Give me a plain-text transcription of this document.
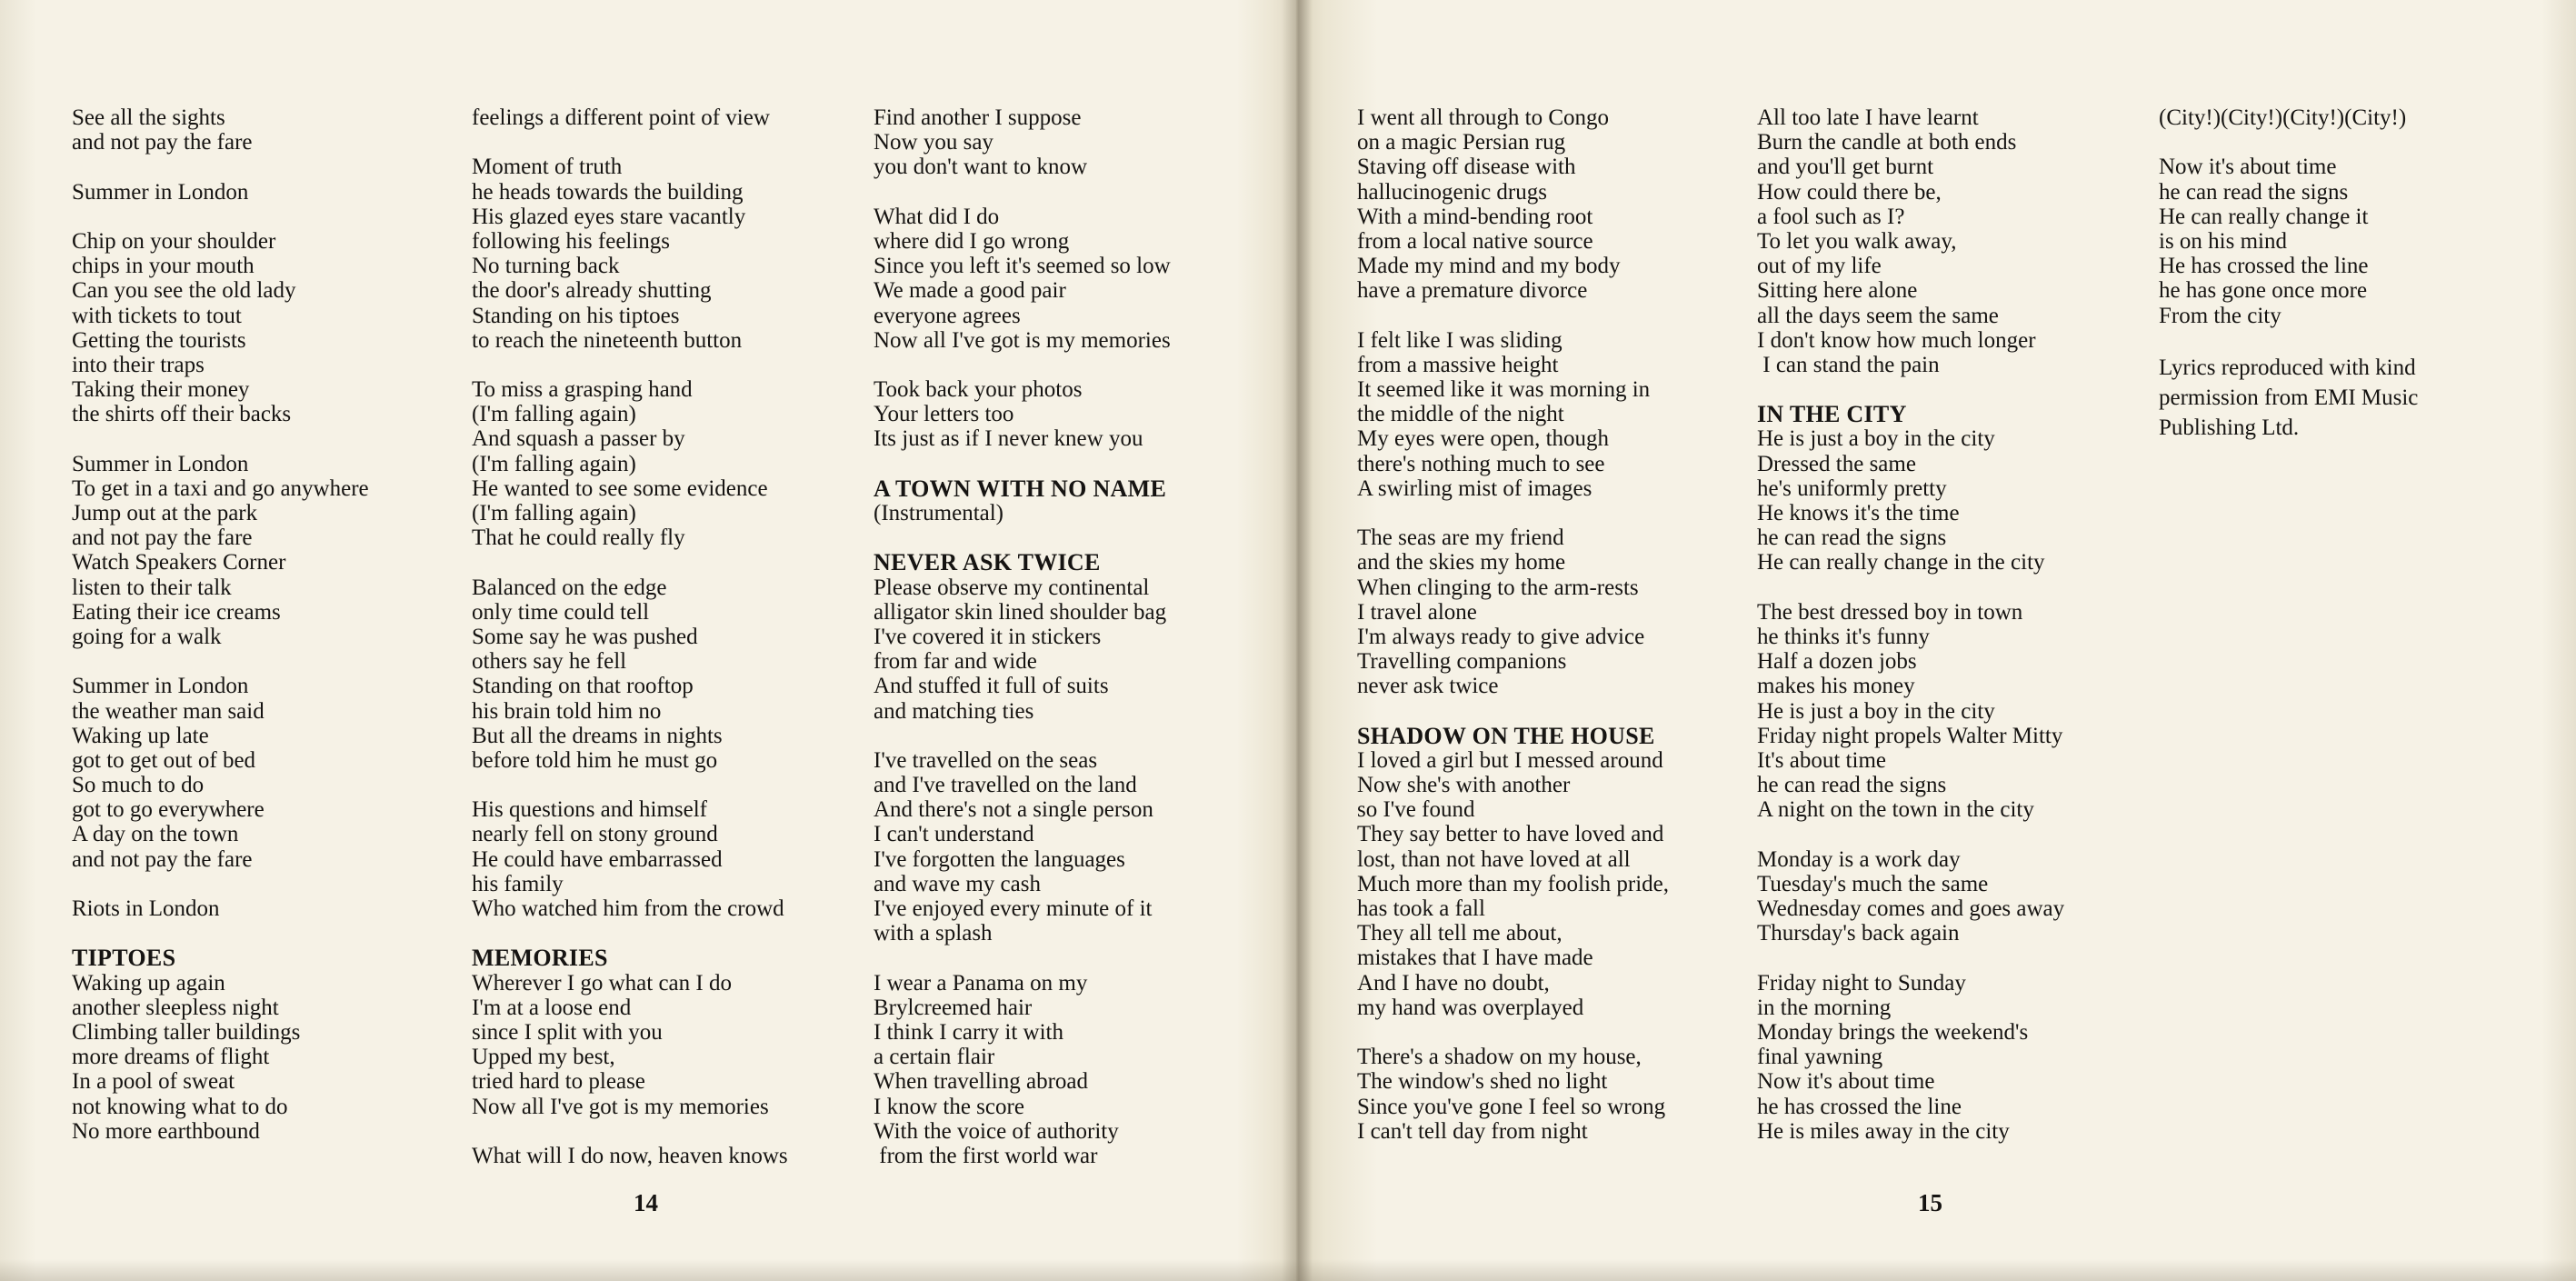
See all the sights
and not pay the fare
Summer in London
Chip on your shoulder
chips in your mouth
Can you see the old lady
with tickets to tout
Getting the tourists
into their traps
Taking their money
the shirts off their backs
Summer in London
To get in a taxi and go anywhere
Jump out at the park
and not pay the fare
Watch Speakers Corner
listen to their talk
Eating their ice creams
going for a walk
Summer in London
the weather man said
Waking up late
got to get out of bed
So much to do
got to go everywhere
A day on the town
and not pay the fare
Riots in London
TIPTOES
Waking up again
another sleepless night
Climbing taller buildings
more dreams of flight
In a pool of sweat
not knowing what to do
No more earthbound
feelings a different point of view
Moment of truth
he heads towards the building
His glazed eyes stare vacantly
following his feelings
No turning back
the door's already shutting
Standing on his tiptoes
to reach the nineteenth button
To miss a grasping hand
(I'm falling again)
And squash a passer by
(I'm falling again)
He wanted to see some evidence
(I'm falling again)
That he could really fly
Balanced on the edge
only time could tell
Some say he was pushed
others say he fell
Standing on that rooftop
his brain told him no
But all the dreams in nights
before told him he must go
His questions and himself
nearly fell on stony ground
He could have embarrassed
his family
Who watched him from the crowd
MEMORIES
Wherever I go what can I do
I'm at a loose end
since I split with you
Upped my best,
tried hard to please
Now all I've got is my memories
What will I do now, heaven knows
Find another I suppose
Now you say
you don't want to know
What did I do
where did I go wrong
Since you left it's seemed so low
We made a good pair
everyone agrees
Now all I've got is my memories
Took back your photos
Your letters too
Its just as if I never knew you
A TOWN WITH NO NAME
(Instrumental)
NEVER ASK TWICE
Please observe my continental
alligator skin lined shoulder bag
I've covered it in stickers
from far and wide
And stuffed it full of suits
and matching ties
I've travelled on the seas
and I've travelled on the land
And there's not a single person
I can't understand
I've forgotten the languages
and wave my cash
I've enjoyed every minute of it
with a splash
I wear a Panama on my
Brylcreemed hair
I think I carry it with
a certain flair
When travelling abroad
I know the score
With the voice of authority
from the first world war
I went all through to Congo
on a magic Persian rug
Staving off disease with
hallucinogenic drugs
With a mind-bending root
from a local native source
Made my mind and my body
have a premature divorce
I felt like I was sliding
from a massive height
It seemed like it was morning in
the middle of the night
My eyes were open, though
there's nothing much to see
A swirling mist of images
The seas are my friend
and the skies my home
When clinging to the arm-rests
I travel alone
I'm always ready to give advice
Travelling companions
never ask twice
SHADOW ON THE HOUSE
I loved a girl but I messed around
Now she's with another
so I've found
They say better to have loved and
lost, than not have loved at all
Much more than my foolish pride,
has took a fall
They all tell me about,
mistakes that I have made
And I have no doubt,
my hand was overplayed
There's a shadow on my house,
The window's shed no light
Since you've gone I feel so wrong
I can't tell day from night
All too late I have learnt
Burn the candle at both ends
and you'll get burnt
How could there be,
a fool such as I?
To let you walk away,
out of my life
Sitting here alone
all the days seem the same
I don't know how much longer
I can stand the pain
IN THE CITY
He is just a boy in the city
Dressed the same
he's uniformly pretty
He knows it's the time
he can read the signs
He can really change in the city
The best dressed boy in town
he thinks it's funny
Half a dozen jobs
makes his money
He is just a boy in the city
Friday night propels Walter Mitty
It's about time
he can read the signs
A night on the town in the city
Monday is a work day
Tuesday's much the same
Wednesday comes and goes away
Thursday's back again
Friday night to Sunday
in the morning
Monday brings the weekend's
final yawning
Now it's about time
he has crossed the line
He is miles away in the city
(City!)(City!)(City!)(City!)
Now it's about time
he can read the signs
He can really change it
is on his mind
He has crossed the line
he has gone once more
From the city
Lyrics reproduced with kind permission from EMI Music Publishing Ltd.
14	15
